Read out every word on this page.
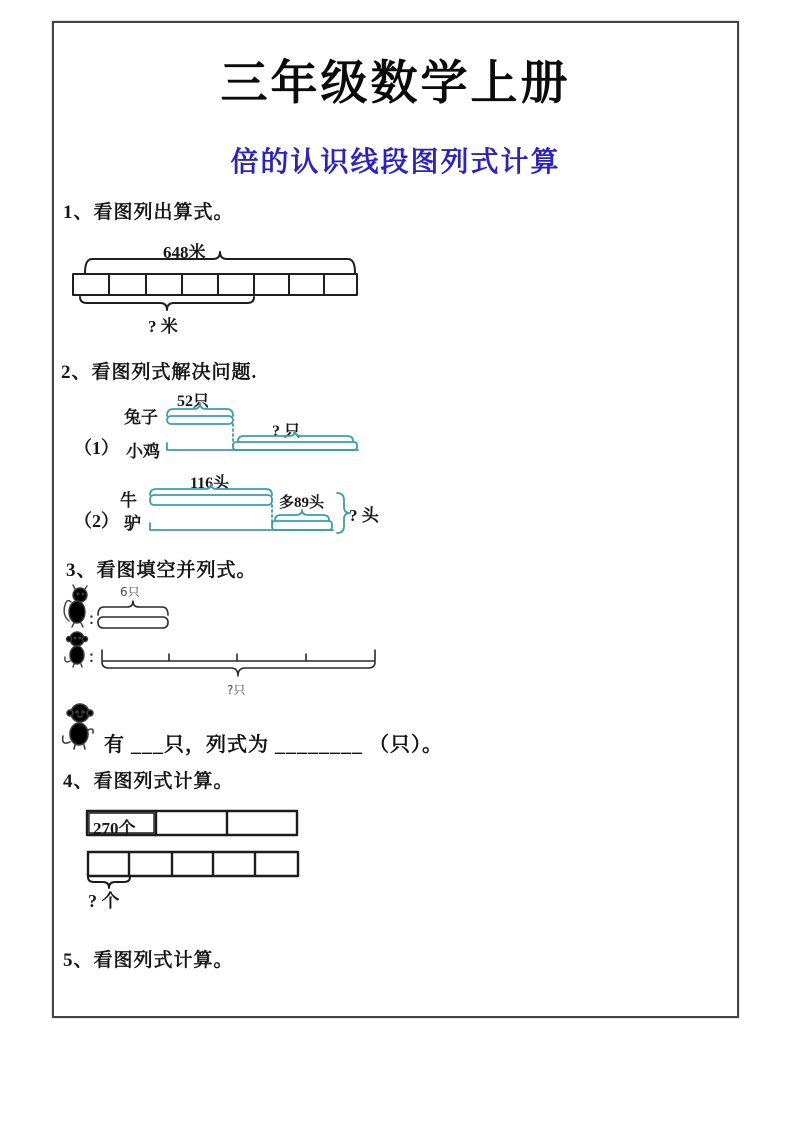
三年级数学上册
倍的认识线段图列式计算
1、看图列出算式。
648米
? 米
2、看图列式解决问题.
52只
兔子
（1） 小鸡
? 只
116头
牛
（2） 驴
多89头
? 头
3、看图填空并列式。
：
6只
：
?只
有 ___只，列式为 ________ （只）。
4、看图列式计算。
270个
? 个
5、看图列式计算。
